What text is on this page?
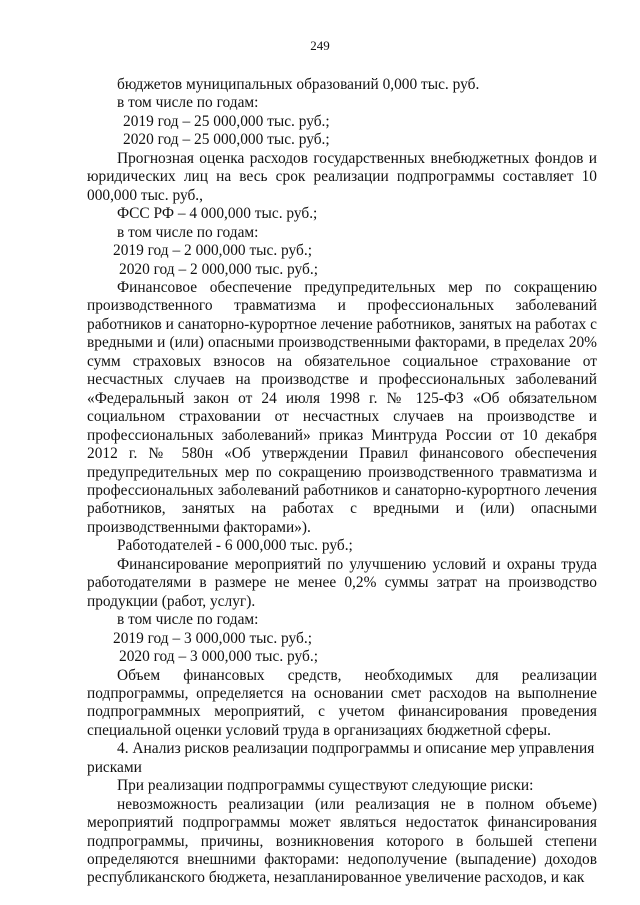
249

бюджетов муниципальных образований 0,000 тыс. руб.

в том числе по годам:

2019 год – 25 000,000 тыс. руб.;

2020 год – 25 000,000 тыс. руб.;

Прогнозная оценка расходов государственных внебюджетных фондов и юридических лиц на весь срок реализации подпрограммы составляет 10 000,000 тыс. руб.,

ФСС РФ – 4 000,000 тыс. руб.;

в том числе по годам:

2019 год – 2 000,000 тыс. руб.;

2020 год – 2 000,000 тыс. руб.;

Финансовое обеспечение предупредительных мер по сокращению производственного травматизма и профессиональных заболеваний работников и санаторно-курортное лечение работников, занятых на работах с вредными и (или) опасными производственными факторами, в пределах 20% сумм страховых взносов на обязательное социальное страхование от несчастных случаев на производстве и профессиональных заболеваний «Федеральный закон от 24 июля 1998 г. № 125-ФЗ «Об обязательном социальном страховании от несчастных случаев на производстве и профессиональных заболеваний» приказ Минтруда России от 10 декабря 2012 г. № 580н «Об утверждении Правил финансового обеспечения предупредительных мер по сокращению производственного травматизма и профессиональных заболеваний работников и санаторно-курортного лечения работников, занятых на работах с вредными и (или) опасными производственными факторами»).

Работодателей - 6 000,000 тыс. руб.;

Финансирование мероприятий по улучшению условий и охраны труда работодателями в размере не менее 0,2% суммы затрат на производство продукции (работ, услуг).

в том числе по годам:

2019 год – 3 000,000 тыс. руб.;

2020 год – 3 000,000 тыс. руб.;

Объем финансовых средств, необходимых для реализации подпрограммы, определяется на основании смет расходов на выполнение подпрограммных мероприятий, с учетом финансирования проведения специальной оценки условий труда в организациях бюджетной сферы.

4. Анализ рисков реализации подпрограммы и описание мер управления рисками

При реализации подпрограммы существуют следующие риски:

невозможность реализации (или реализация не в полном объеме) мероприятий подпрограммы может являться недостаток финансирования подпрограммы, причины, возникновения которого в большей степени определяются внешними факторами: недополучение (выпадение) доходов республиканского бюджета, незапланированное увеличение расходов, и как
